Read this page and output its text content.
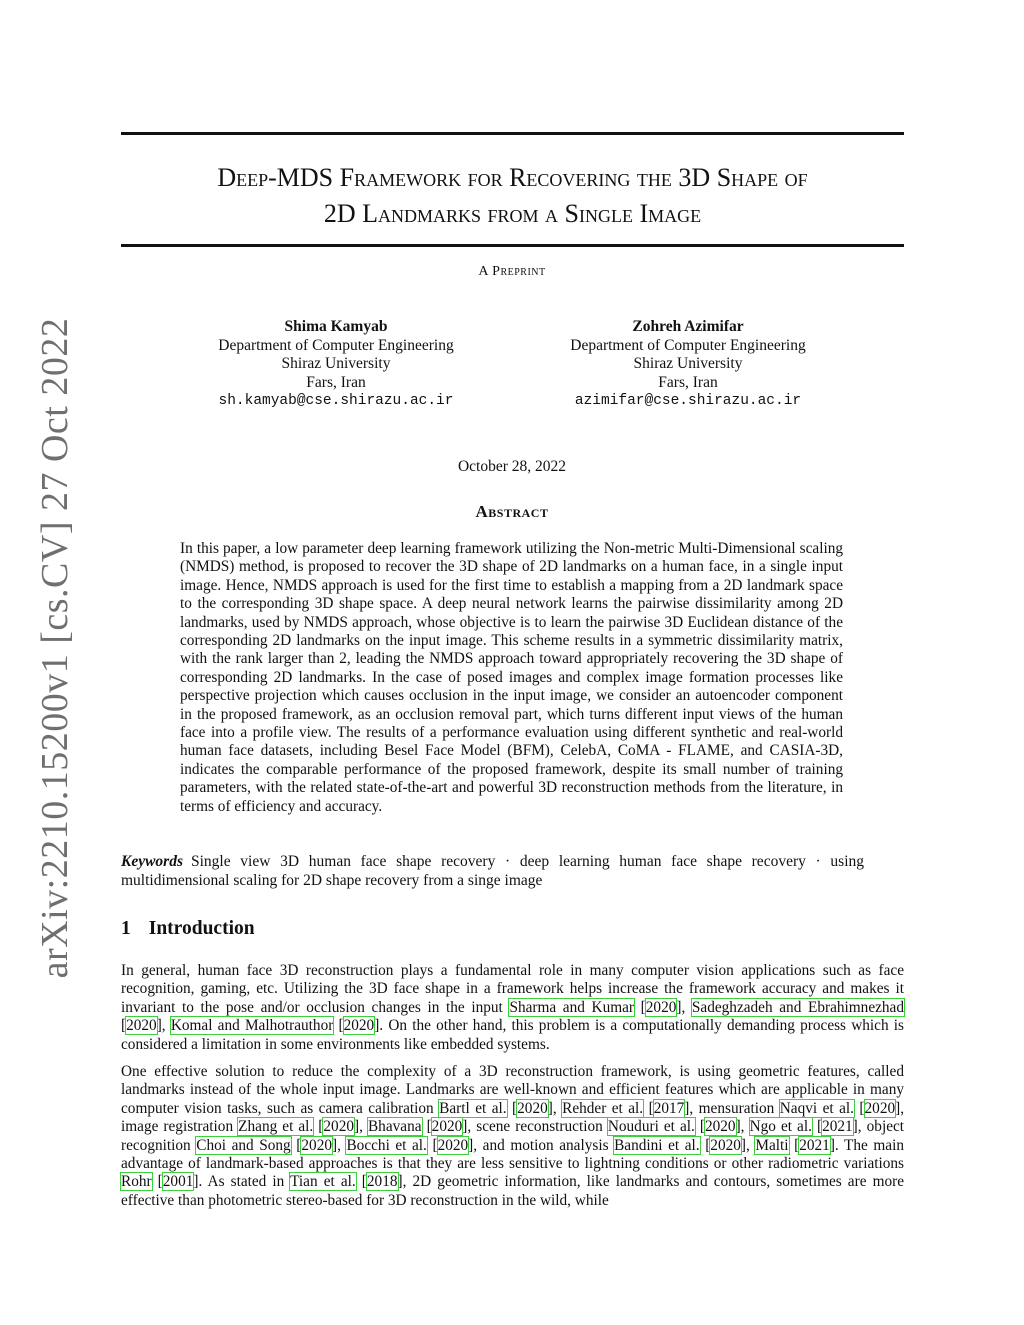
arXiv:2210.15200v1 [cs.CV] 27 Oct 2022
Deep-MDS Framework for Recovering the 3D Shape of
2D Landmarks from a Single Image
A Preprint
Shima Kamyab
Department of Computer Engineering
Shiraz University
Fars, Iran
sh.kamyab@cse.shirazu.ac.ir
Zohreh Azimifar
Department of Computer Engineering
Shiraz University
Fars, Iran
azimifar@cse.shirazu.ac.ir
October 28, 2022
Abstract

In this paper, a low parameter deep learning framework utilizing the Non-metric Multi-Dimensional scaling (NMDS) method, is proposed to recover the 3D shape of 2D landmarks on a human face, in a single input image. Hence, NMDS approach is used for the first time to establish a mapping from a 2D landmark space to the corresponding 3D shape space. A deep neural network learns the pairwise dissimilarity among 2D landmarks, used by NMDS approach, whose objective is to learn the pairwise 3D Euclidean distance of the corresponding 2D landmarks on the input image. This scheme results in a symmetric dissimilarity matrix, with the rank larger than 2, leading the NMDS approach toward appropriately recovering the 3D shape of corresponding 2D landmarks. In the case of posed images and complex image formation processes like perspective projection which causes occlusion in the input image, we consider an autoencoder component in the proposed framework, as an occlusion removal part, which turns different input views of the human face into a profile view. The results of a performance evaluation using different synthetic and real-world human face datasets, including Besel Face Model (BFM), CelebA, CoMA - FLAME, and CASIA-3D, indicates the comparable performance of the proposed framework, despite its small number of training parameters, with the related state-of-the-art and powerful 3D reconstruction methods from the literature, in terms of efficiency and accuracy.

Keywords Single view 3D human face shape recovery · deep learning human face shape recovery · using multidimensional scaling for 2D shape recovery from a singe image

1 Introduction

In general, human face 3D reconstruction plays a fundamental role in many computer vision applications such as face recognition, gaming, etc. Utilizing the 3D face shape in a framework helps increase the framework accuracy and makes it invariant to the pose and/or occlusion changes in the input Sharma and Kumar [2020], Sadeghzadeh and Ebrahimnezhad [2020], Komal and Malhotrauthor [2020]. On the other hand, this problem is a computationally demanding process which is considered a limitation in some environments like embedded systems.

One effective solution to reduce the complexity of a 3D reconstruction framework, is using geometric features, called landmarks instead of the whole input image. Landmarks are well-known and efficient features which are applicable in many computer vision tasks, such as camera calibration Bartl et al. [2020], Rehder et al. [2017], mensuration Naqvi et al. [2020], image registration Zhang et al. [2020], Bhavana [2020], scene reconstruction Nouduri et al. [2020], Ngo et al. [2021], object recognition Choi and Song [2020], Bocchi et al. [2020], and motion analysis Bandini et al. [2020], Malti [2021]. The main advantage of landmark-based approaches is that they are less sensitive to lightning conditions or other radiometric variations Rohr [2001]. As stated in Tian et al. [2018], 2D geometric information, like landmarks and contours, sometimes are more effective than photometric stereo-based for 3D reconstruction in the wild, while
